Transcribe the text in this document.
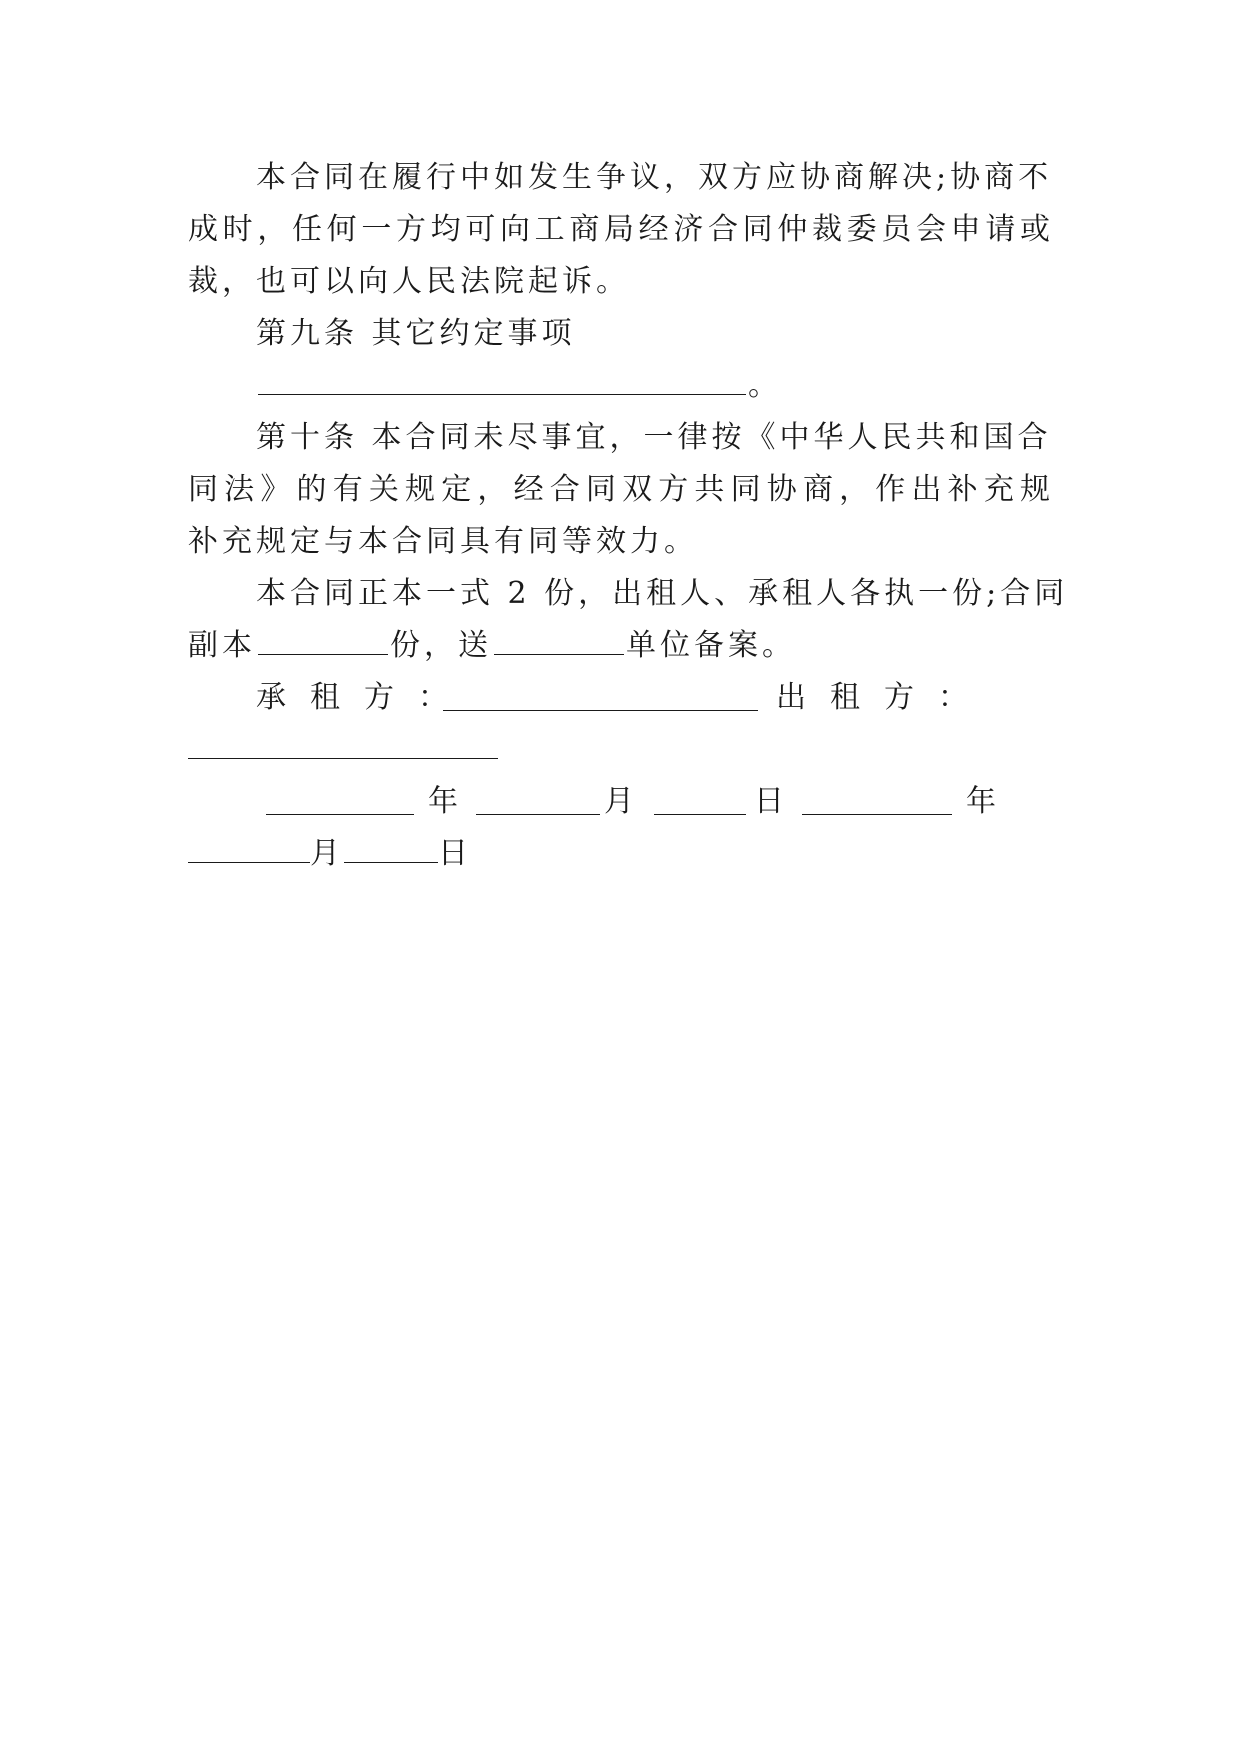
本合同在履行中如发生争议，双方应协商解决;协商不
成时，任何一方均可向工商局经济合同仲裁委员会申请或
裁，也可以向人民法院起诉。
第九条 其它约定事项
。
第十条 本合同未尽事宜，一律按《中华人民共和国合
同法》的有关规定，经合同双方共同协商，作出补充规
补充规定与本合同具有同等效力。
本合同正本一式 2 份，出租人、承租人各执一份;合同
副本	份，送	单位备案。
承租方：	出租方：
年	月	日	年
月	日
